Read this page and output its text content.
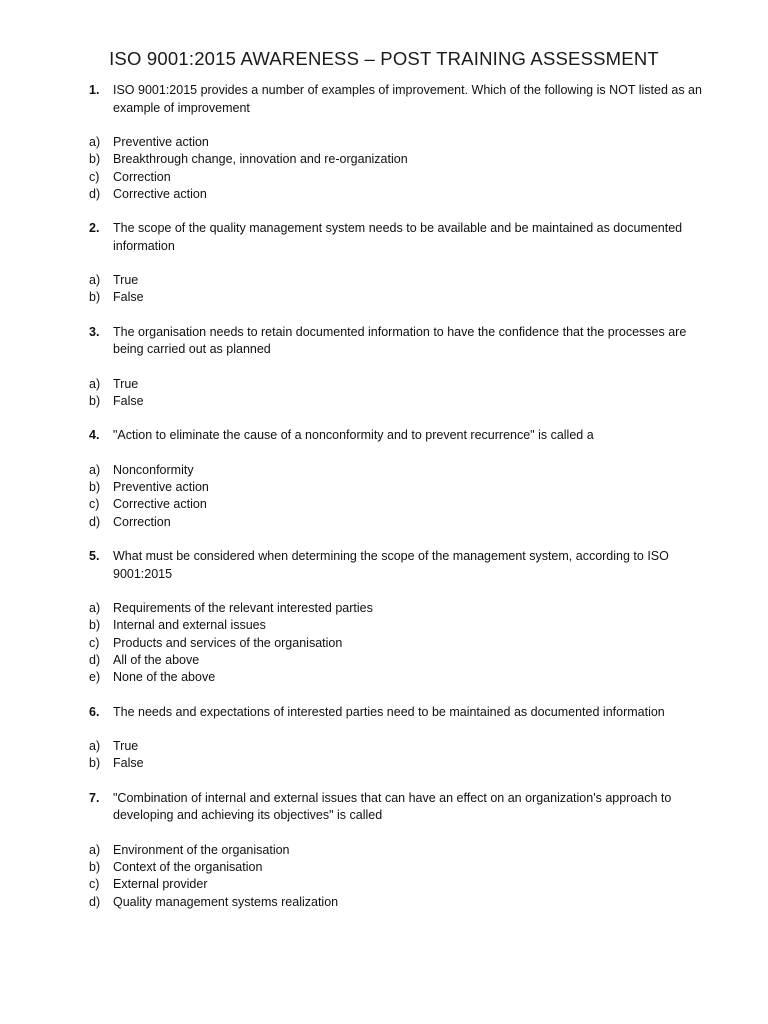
ISO 9001:2015 AWARENESS – POST TRAINING ASSESSMENT
1. ISO 9001:2015 provides a number of examples of improvement. Which of the following is NOT listed as an example of improvement
a) Preventive action
b) Breakthrough change, innovation and re-organization
c) Correction
d) Corrective action
2. The scope of the quality management system needs to be available and be maintained as documented information
a) True
b) False
3. The organisation needs to retain documented information to have the confidence that the processes are being carried out as planned
a) True
b) False
4. "Action to eliminate the cause of a nonconformity and to prevent recurrence" is called a
a) Nonconformity
b) Preventive action
c) Corrective action
d) Correction
5. What must be considered when determining the scope of the management system, according to ISO 9001:2015
a) Requirements of the relevant interested parties
b) Internal and external issues
c) Products and services of the organisation
d) All of the above
e) None of the above
6. The needs and expectations of interested parties need to be maintained as documented information
a) True
b) False
7. "Combination of internal and external issues that can have an effect on an organization's approach to developing and achieving its objectives" is called
a) Environment of the organisation
b) Context of the organisation
c) External provider
d) Quality management systems realization
